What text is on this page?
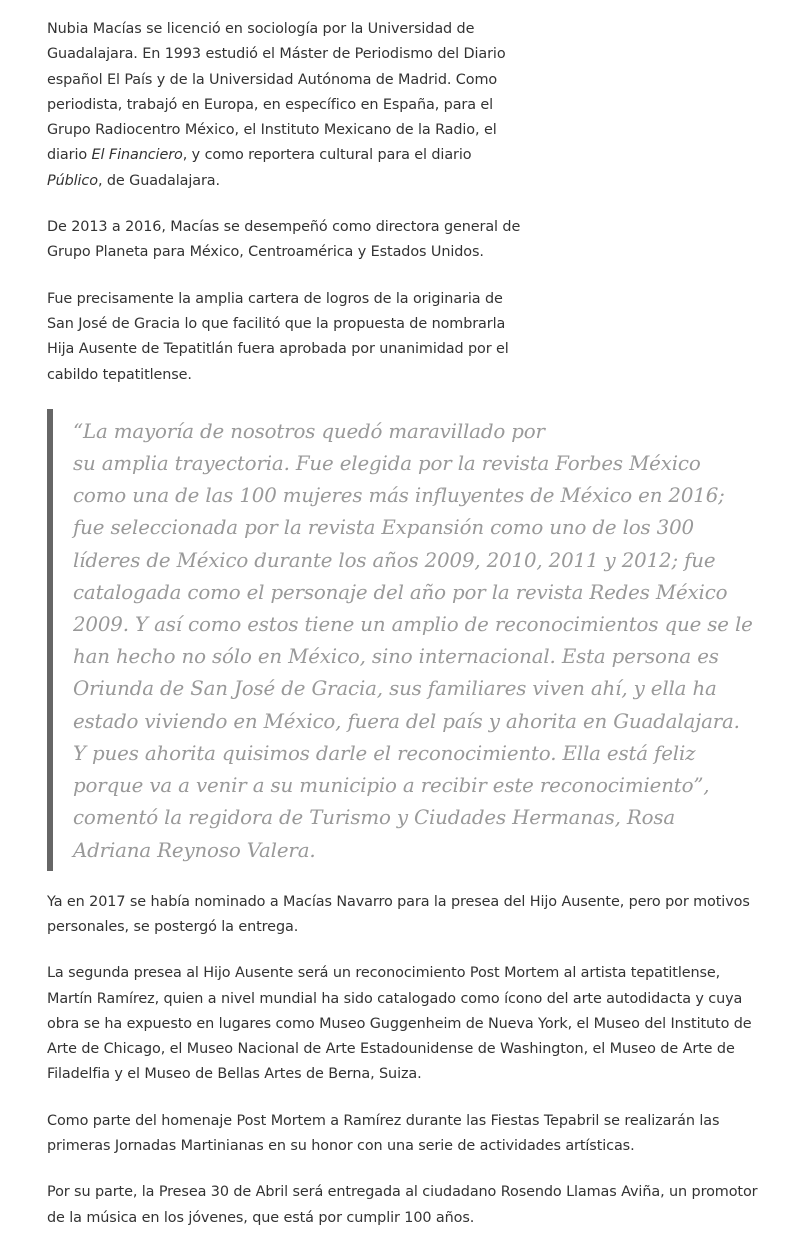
Nubia Macías se licenció en sociología por la Universidad de Guadalajara. En 1993 estudió el Máster de Periodismo del Diario español El País y de la Universidad Autónoma de Madrid. Como periodista, trabajó en Europa, en específico en España, para el Grupo Radiocentro México, el Instituto Mexicano de la Radio, el diario El Financiero, y como reportera cultural para el diario Público, de Guadalajara.

De 2013 a 2016, Macías se desempeñó como directora general de Grupo Planeta para México, Centroamérica y Estados Unidos.

Fue precisamente la amplia cartera de logros de la originaria de San José de Gracia lo que facilitó que la propuesta de nombrarla Hija Ausente de Tepatitlán fuera aprobada por unanimidad por el cabildo tepatitlense.

“La mayoría de nosotros quedó maravillado por
su amplia trayectoria. Fue elegida por la revista Forbes México como una de las 100 mujeres más influyentes de México en 2016; fue seleccionada por la revista Expansión como uno de los 300 líderes de México durante los años 2009, 2010, 2011 y 2012; fue catalogada como el personaje del año por la revista Redes México 2009. Y así como estos tiene un amplio de reconocimientos que se le han hecho no sólo en México, sino internacional. Esta persona es Oriunda de San José de Gracia, sus familiares viven ahí, y ella ha estado viviendo en México, fuera del país y ahorita en Guadalajara. Y pues ahorita quisimos darle el reconocimiento. Ella está feliz porque va a venir a su municipio a recibir este reconocimiento”, comentó la regidora de Turismo y Ciudades Hermanas, Rosa Adriana Reynoso Valera.

Ya en 2017 se había nominado a Macías Navarro para la presea del Hijo Ausente, pero por motivos personales, se postergó la entrega.

La segunda presea al Hijo Ausente será un reconocimiento Post Mortem al artista tepatitlense, Martín Ramírez, quien a nivel mundial ha sido catalogado como ícono del arte autodidacta y cuya obra se ha expuesto en lugares como Museo Guggenheim de Nueva York, el Museo del Instituto de Arte de Chicago, el Museo Nacional de Arte Estadounidense de Washington, el Museo de Arte de Filadelfia y el Museo de Bellas Artes de Berna, Suiza.

Como parte del homenaje Post Mortem a Ramírez durante las Fiestas Tepabril se realizarán las primeras Jornadas Martinianas en su honor con una serie de actividades artísticas.

Por su parte, la Presea 30 de Abril será entregada al ciudadano Rosendo Llamas Aviña, un promotor de la música en los jóvenes, que está por cumplir 100 años.
